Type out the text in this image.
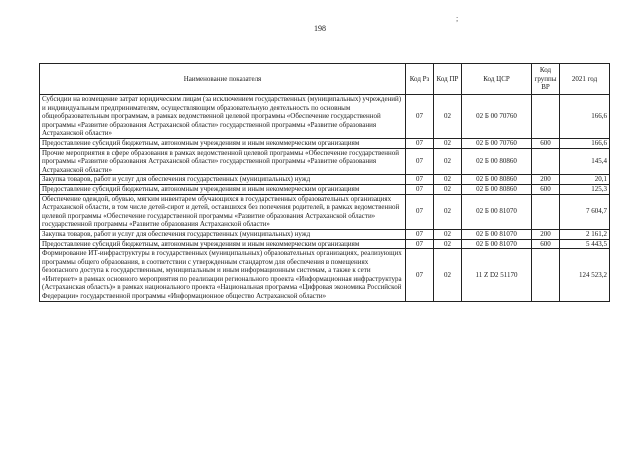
;
198
Наименование показателя	Код Рз	Код ПР	Код ЦСР	Код группы ВР	2021 год
Субсидии на возмещение затрат юридическим лицам (за исключением государственных (муниципальных) учреждений) и индивидуальным предпринимателям, осуществляющим образовательную деятельность по основным общеобразовательным программам, в рамках ведомственной целевой программы «Обеспечение государственной программы «Развитие образования Астраханской области» государственной программы «Развитие образования Астраханской области»	07	02	02 Б 00 70760		166,6
Предоставление субсидий бюджетным, автономным учреждениям и иным некоммерческим организациям	07	02	02 Б 00 70760	600	166,6
Прочие мероприятия в сфере образования в рамках ведомственной целевой программы «Обеспечение государственной программы «Развитие образования Астраханской области» государственной программы «Развитие образования Астраханской области»	07	02	02 Б 00 80860		145,4
Закупка товаров, работ и услуг для обеспечения государственных (муниципальных) нужд	07	02	02 Б 00 80860	200	20,1
Предоставление субсидий бюджетным, автономным учреждениям и иным некоммерческим организациям	07	02	02 Б 00 80860	600	125,3
Обеспечение одеждой, обувью, мягким инвентарем обучающихся в государственных образовательных организациях Астраханской области, в том числе детей-сирот и детей, оставшихся без попечения родителей, в рамках ведомственной целевой программы «Обеспечение государственной программы «Развитие образования Астраханской области» государственной программы «Развитие образования Астраханской области»	07	02	02 Б 00 81070		7 604,7
Закупка товаров, работ и услуг для обеспечения государственных (муниципальных) нужд	07	02	02 Б 00 81070	200	2 161,2
Предоставление субсидий бюджетным, автономным учреждениям и иным некоммерческим организациям	07	02	02 Б 00 81070	600	5 443,5
Формирование ИТ-инфраструктуры в государственных (муниципальных) образовательных организациях, реализующих программы общего образования, в соответствии с утвержденным стандартом для обеспечения в помещениях безопасного доступа к государственным, муниципальным и иным информационным системам, а также к сети «Интернет» в рамках основного мероприятия по реализации регионального проекта «Информационная инфраструктура (Астраханская область)» в рамках национального проекта «Национальная программа «Цифровая экономика Российской Федерации» государственной программы «Информационное общество Астраханской области»	07	02	11 Z D2 51170		124 523,2
